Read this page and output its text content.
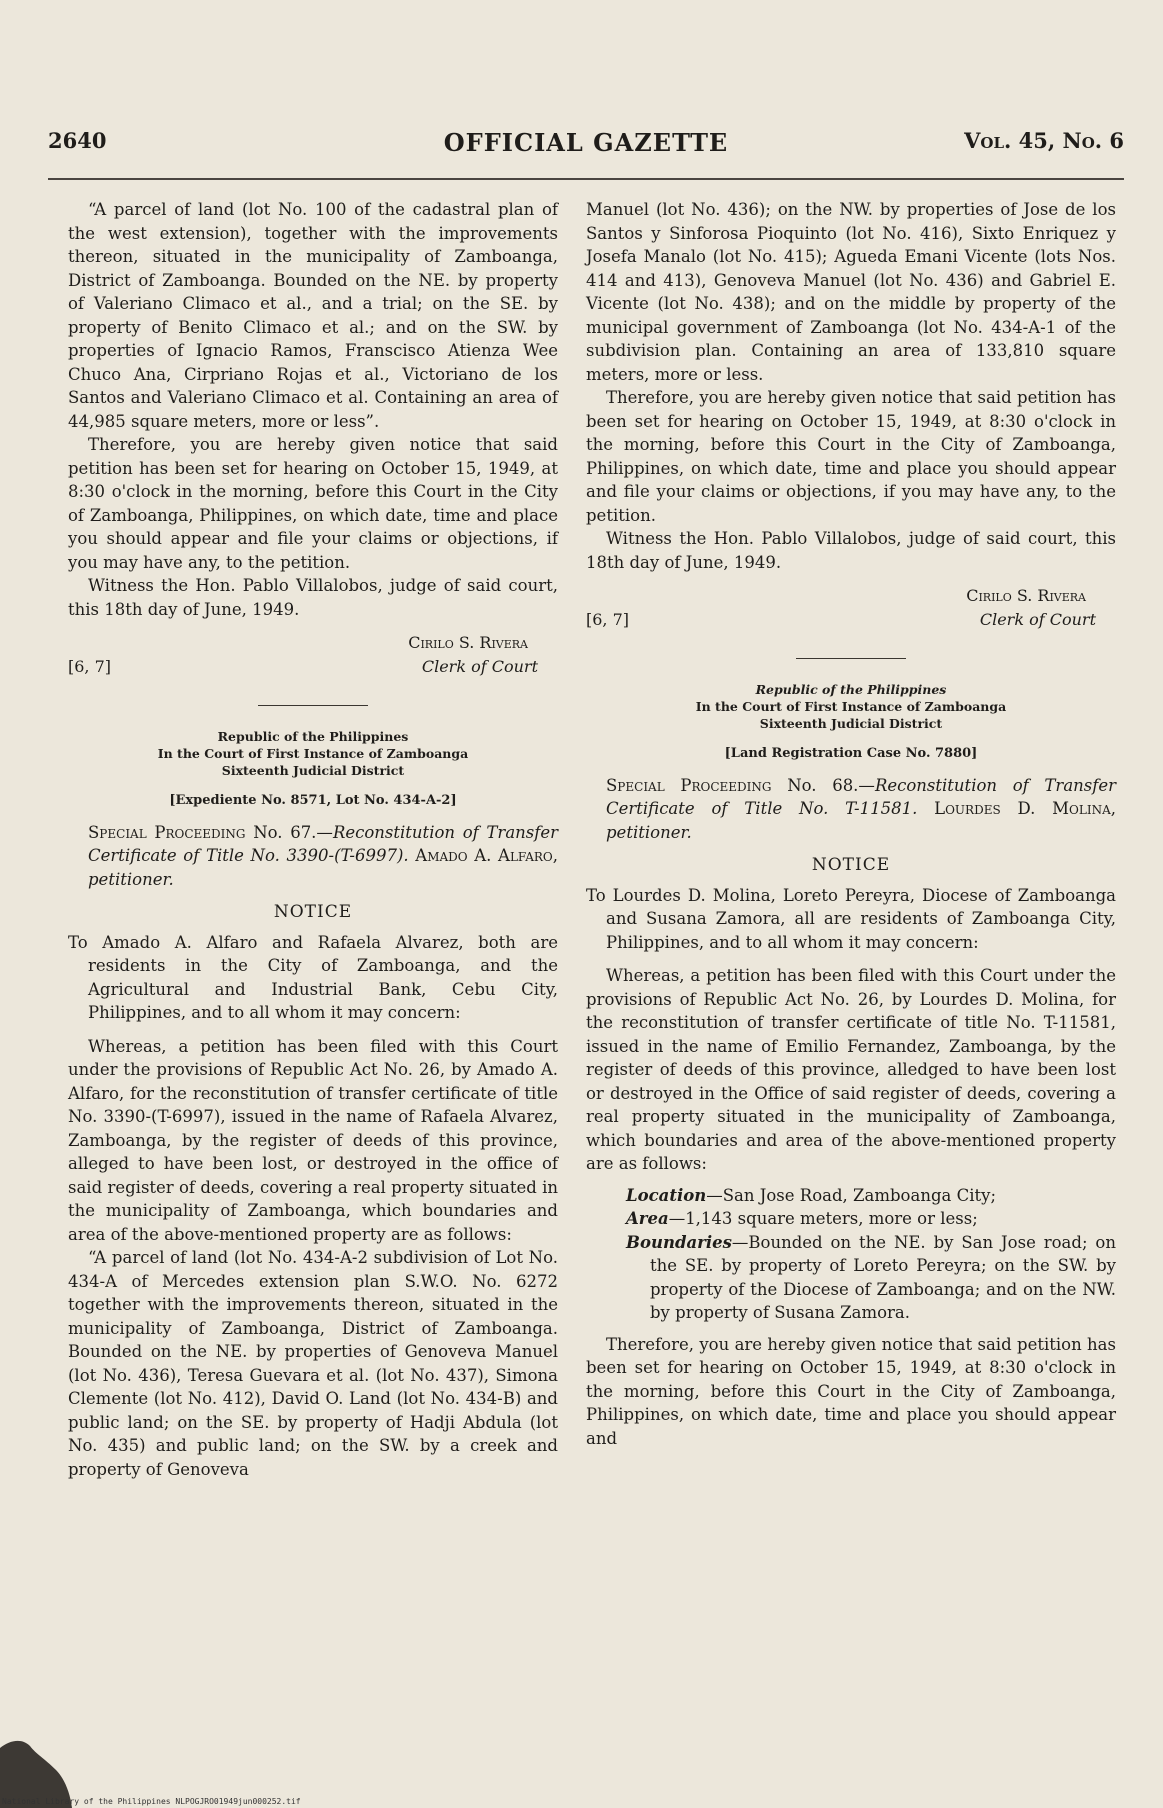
2640	OFFICIAL GAZETTE	Vol. 45, No. 6

“A parcel of land (lot No. 100 of the cadastral plan of the west extension), together with the improvements thereon, situated in the municipality of Zamboanga, District of Zamboanga. Bounded on the NE. by property of Valeriano Climaco et al., and a trial; on the SE. by property of Benito Climaco et al.; and on the SW. by properties of Ignacio Ramos, Franscisco Atienza Wee Chuco Ana, Cirpriano Rojas et al., Victoriano de los Santos and Valeriano Climaco et al. Containing an area of 44,985 square meters, more or less”.

Therefore, you are hereby given notice that said petition has been set for hearing on October 15, 1949, at 8:30 o'clock in the morning, before this Court in the City of Zamboanga, Philippines, on which date, time and place you should appear and file your claims or objections, if you may have any, to the petition.

Witness the Hon. Pablo Villalobos, judge of said court, this 18th day of June, 1949.

Cirilo S. Rivera
Clerk of Court
[6, 7]
Republic of the Philippines
In the Court of First Instance of Zamboanga
Sixteenth Judicial District
[Expediente No. 8571, Lot No. 434-A-2]

Special Proceeding No. 67.—Reconstitution of Transfer Certificate of Title No. 3390-(T-6997). Amado A. Alfaro, petitioner.

NOTICE

To Amado A. Alfaro and Rafaela Alvarez, both are residents in the City of Zamboanga, and the Agricultural and Industrial Bank, Cebu City, Philippines, and to all whom it may concern:

Whereas, a petition has been filed with this Court under the provisions of Republic Act No. 26, by Amado A. Alfaro, for the reconstitution of transfer certificate of title No. 3390-(T-6997), issued in the name of Rafaela Alvarez, Zamboanga, by the register of deeds of this province, alleged to have been lost, or destroyed in the office of said register of deeds, covering a real property situated in the municipality of Zamboanga, which boundaries and area of the above-mentioned property are as follows:

“A parcel of land (lot No. 434-A-2 subdivision of Lot No. 434-A of Mercedes extension plan S.W.O. No. 6272 together with the improvements thereon, situated in the municipality of Zamboanga, District of Zamboanga. Bounded on the NE. by properties of Genoveva Manuel (lot No. 436), Teresa Guevara et al. (lot No. 437), Simona Clemente (lot No. 412), David O. Land (lot No. 434-B) and public land; on the SE. by property of Hadji Abdula (lot No. 435) and public land; on the SW. by a creek and property of Genoveva

Manuel (lot No. 436); on the NW. by properties of Jose de los Santos y Sinforosa Pioquinto (lot No. 416), Sixto Enriquez y Josefa Manalo (lot No. 415); Agueda Emani Vicente (lots Nos. 414 and 413), Genoveva Manuel (lot No. 436) and Gabriel E. Vicente (lot No. 438); and on the middle by property of the municipal government of Zamboanga (lot No. 434-A-1 of the subdivision plan. Containing an area of 133,810 square meters, more or less.

Therefore, you are hereby given notice that said petition has been set for hearing on October 15, 1949, at 8:30 o'clock in the morning, before this Court in the City of Zamboanga, Philippines, on which date, time and place you should appear and file your claims or objections, if you may have any, to the petition.

Witness the Hon. Pablo Villalobos, judge of said court, this 18th day of June, 1949.

Cirilo S. Rivera
Clerk of Court
[6, 7]
Republic of the Philippines
In the Court of First Instance of Zamboanga
Sixteenth Judicial District
[Land Registration Case No. 7880]

Special Proceeding No. 68.—Reconstitution of Transfer Certificate of Title No. T-11581. Lourdes D. Molina, petitioner.

NOTICE

To Lourdes D. Molina, Loreto Pereyra, Diocese of Zamboanga and Susana Zamora, all are residents of Zamboanga City, Philippines, and to all whom it may concern:

Whereas, a petition has been filed with this Court under the provisions of Republic Act No. 26, by Lourdes D. Molina, for the reconstitution of transfer certificate of title No. T-11581, issued in the name of Emilio Fernandez, Zamboanga, by the register of deeds of this province, alledged to have been lost or destroyed in the Office of said register of deeds, covering a real property situated in the municipality of Zamboanga, which boundaries and area of the above-mentioned property are as follows:

Location—San Jose Road, Zamboanga City;
Area—1,143 square meters, more or less;
Boundaries—Bounded on the NE. by San Jose road; on the SE. by property of Loreto Pereyra; on the SW. by property of the Diocese of Zamboanga; and on the NW. by property of Susana Zamora.

Therefore, you are hereby given notice that said petition has been set for hearing on October 15, 1949, at 8:30 o'clock in the morning, before this Court in the City of Zamboanga, Philippines, on which date, time and place you should appear and

National Library of the Philippines NLPOGJRO01949jun000252.tif
